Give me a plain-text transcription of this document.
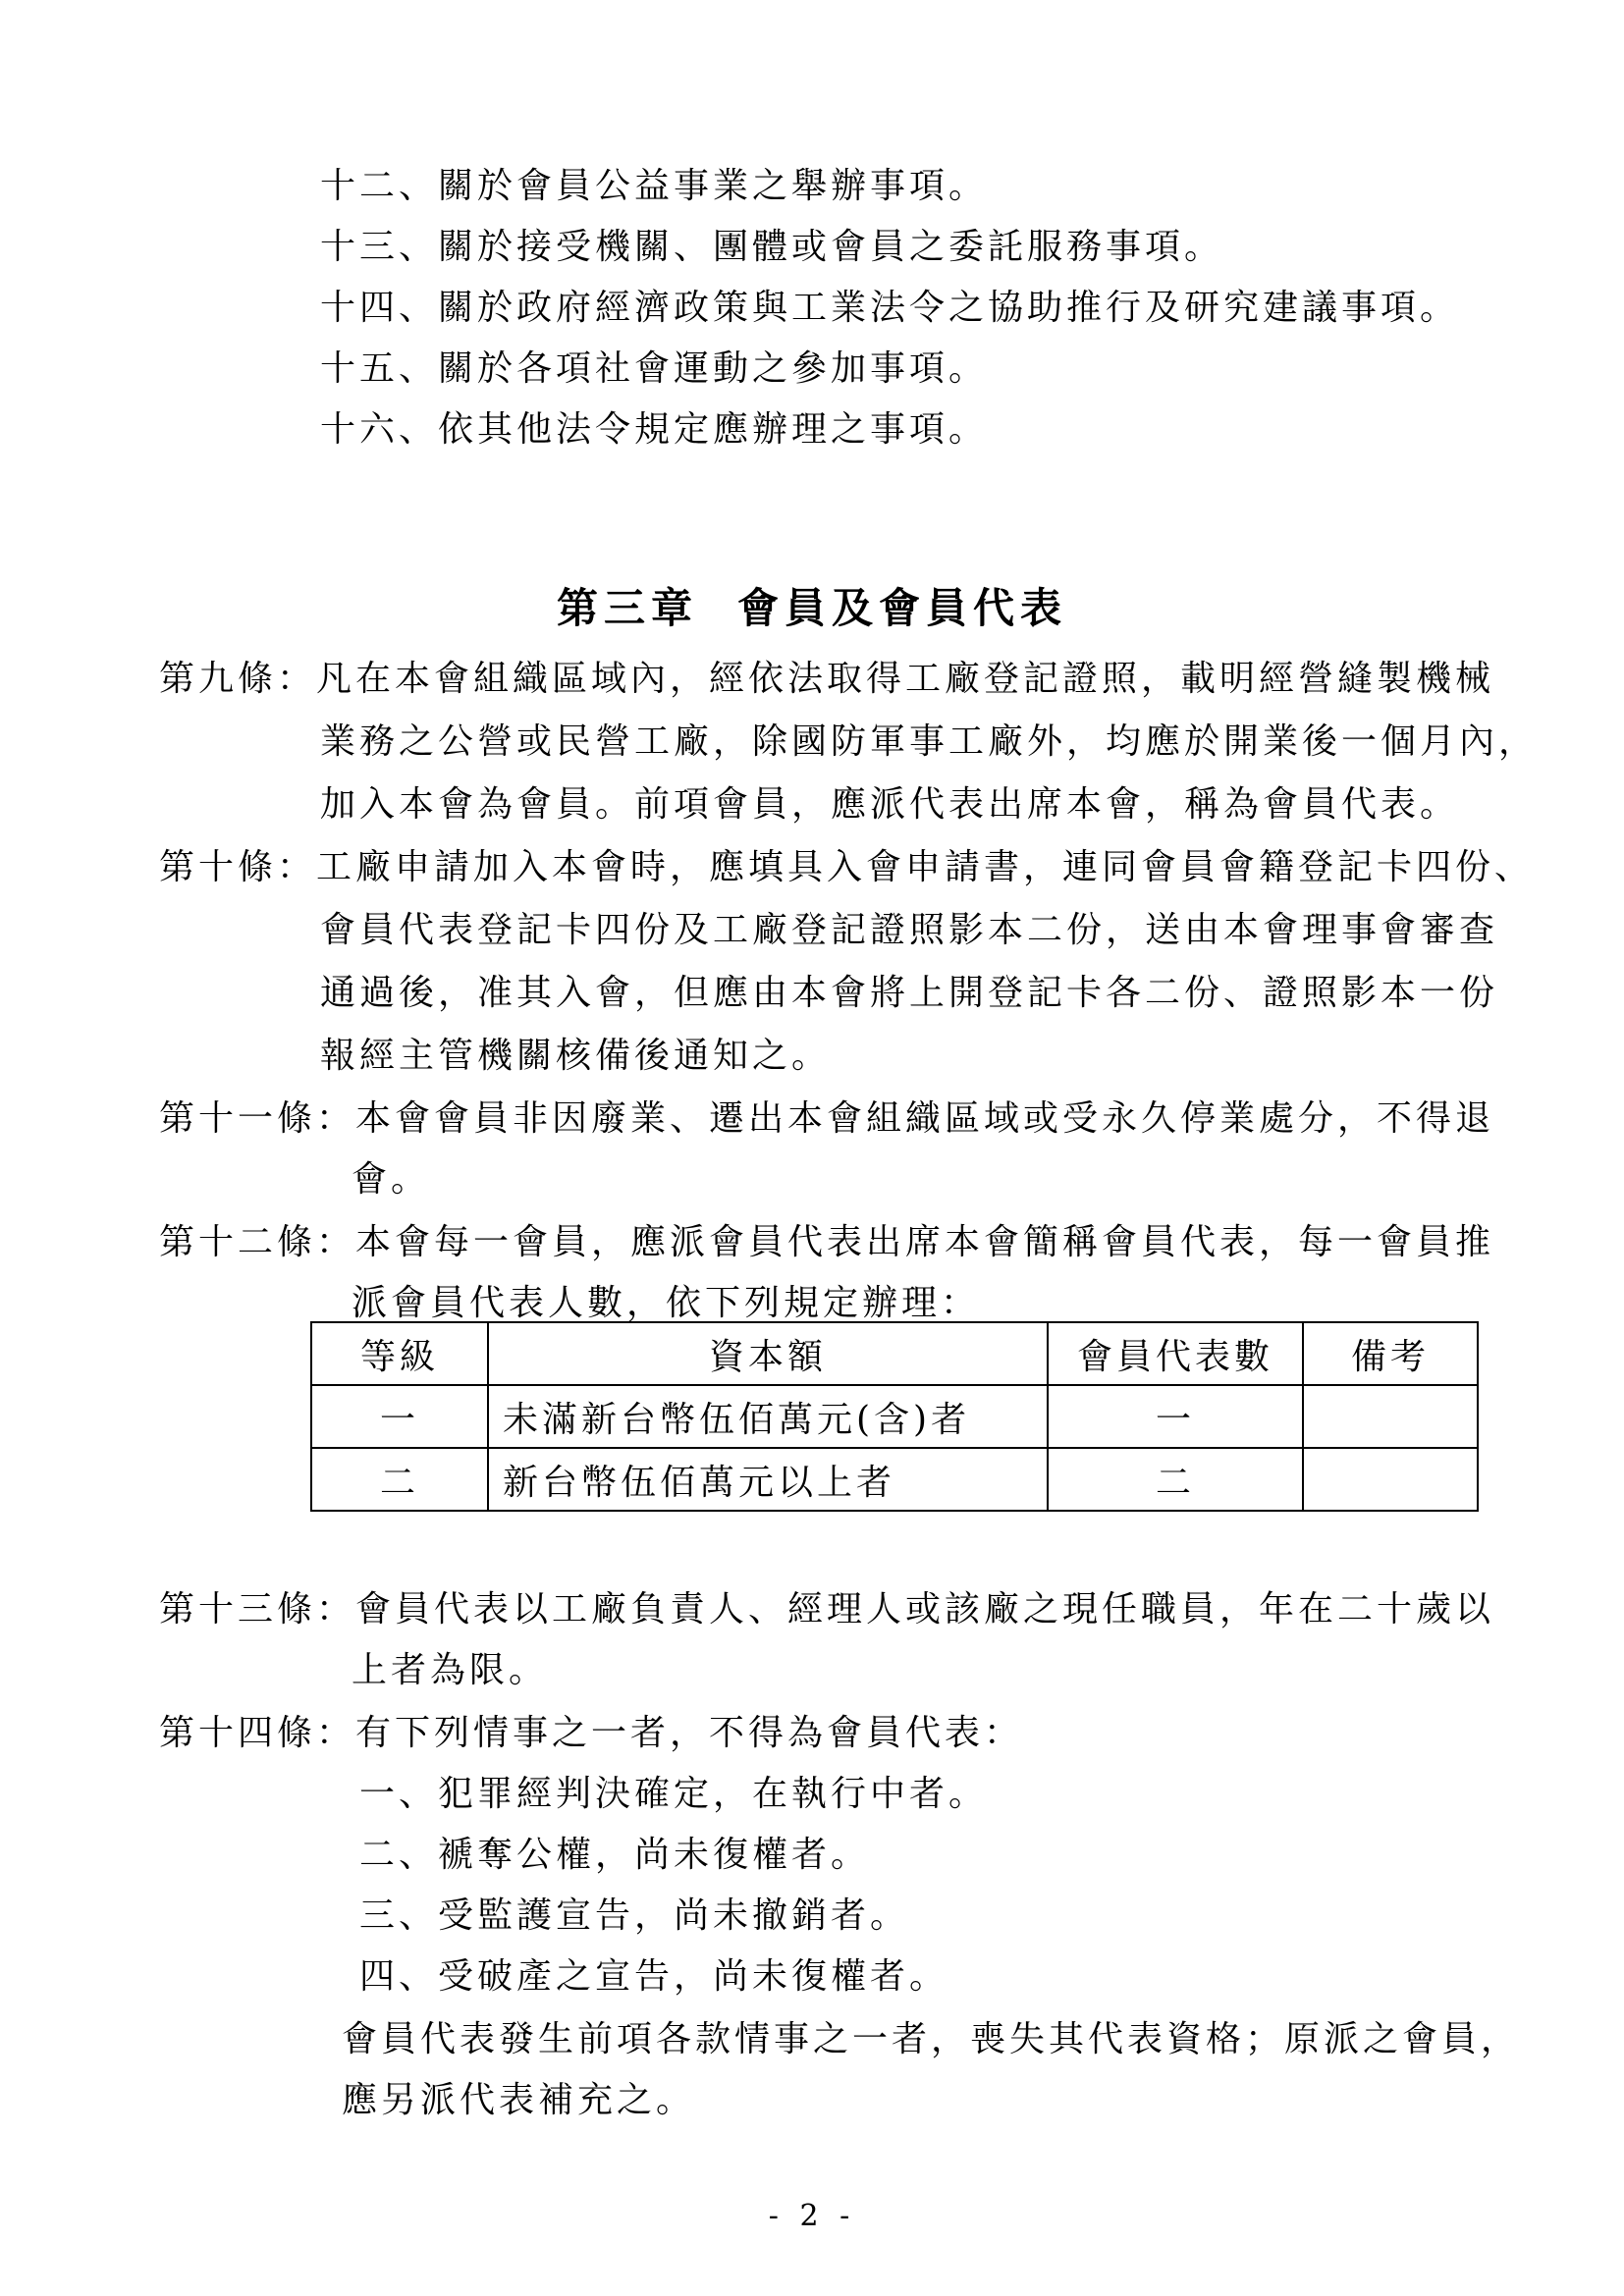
十二、關於會員公益事業之舉辦事項。
十三、關於接受機關、團體或會員之委託服務事項。
十四、關於政府經濟政策與工業法令之協助推行及研究建議事項。
十五、關於各項社會運動之參加事項。
十六、依其他法令規定應辦理之事項。
第三章 會員及會員代表
第九條：凡在本會組織區域內，經依法取得工廠登記證照，載明經營縫製機械
業務之公營或民營工廠，除國防軍事工廠外，均應於開業後一個月內，
加入本會為會員。前項會員，應派代表出席本會，稱為會員代表。
第十條：工廠申請加入本會時，應填具入會申請書，連同會員會籍登記卡四份、
會員代表登記卡四份及工廠登記證照影本二份，送由本會理事會審查
通過後，准其入會，但應由本會將上開登記卡各二份、證照影本一份
報經主管機關核備後通知之。
第十一條：本會會員非因廢業、遷出本會組織區域或受永久停業處分，不得退
會。
第十二條：本會每一會員，應派會員代表出席本會簡稱會員代表，每一會員推
派會員代表人數，依下列規定辦理：
等級	資本額	會員代表數	備考
一	未滿新台幣伍佰萬元(含)者	一	
二	新台幣伍佰萬元以上者	二	
第十三條：會員代表以工廠負責人、經理人或該廠之現任職員，年在二十歲以
上者為限。
第十四條：有下列情事之一者，不得為會員代表：
一、犯罪經判決確定，在執行中者。
二、褫奪公權，尚未復權者。
三、受監護宣告，尚未撤銷者。
四、受破產之宣告，尚未復權者。
會員代表發生前項各款情事之一者，喪失其代表資格；原派之會員，
應另派代表補充之。
- 2 -
